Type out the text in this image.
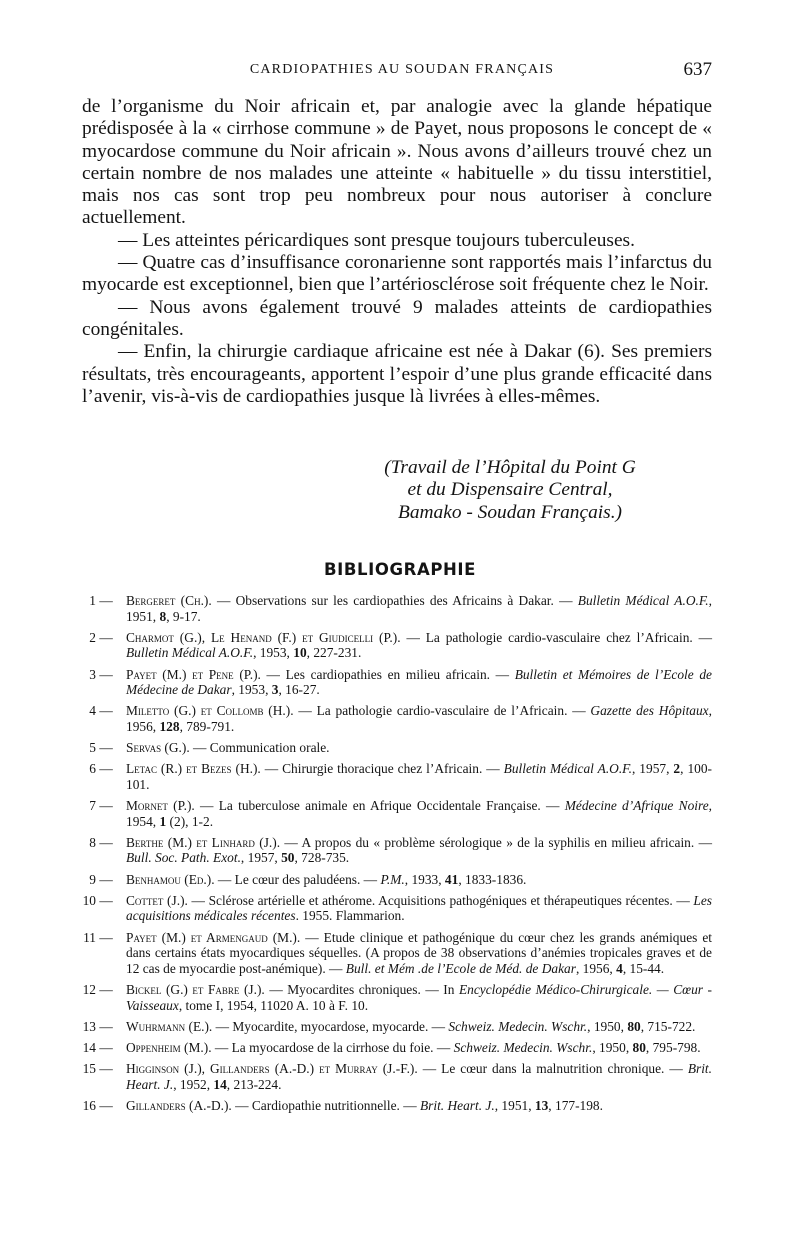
CARDIOPATHIES AU SOUDAN FRANÇAIS	637

de l’organisme du Noir africain et, par analogie avec la glande hépatique prédisposée à la « cirrhose commune » de Payet, nous proposons le concept de « myocardose commune du Noir africain ». Nous avons d’ailleurs trouvé chez un certain nombre de nos malades une atteinte « habituelle » du tissu interstitiel, mais nos cas sont trop peu nombreux pour nous autoriser à conclure actuellement.

— Les atteintes péricardiques sont presque toujours tuberculeuses.

— Quatre cas d’insuffisance coronarienne sont rapportés mais l’infarctus du myocarde est exceptionnel, bien que l’artériosclérose soit fréquente chez le Noir.

— Nous avons également trouvé 9 malades atteints de cardiopathies congénitales.

— Enfin, la chirurgie cardiaque africaine est née à Dakar (6). Ses premiers résultats, très encourageants, apportent l’espoir d’une plus grande efficacité dans l’avenir, vis-à-vis de cardiopathies jusque là livrées à elles-mêmes.

(Travail de l’Hôpital du Point G
et du Dispensaire Central,
Bamako - Soudan Français.)
BIBLIOGRAPHIE
1 — Bergeret (Ch.). — Observations sur les cardiopathies des Africains à Dakar. — Bulletin Médical A.O.F., 1951, 8, 9-17.
2 — Charmot (G.), Le Henand (F.) et Giudicelli (P.). — La pathologie cardio-vasculaire chez l’Africain. — Bulletin Médical A.O.F., 1953, 10, 227-231.
3 — Payet (M.) et Pene (P.). — Les cardiopathies en milieu africain. — Bulletin et Mémoires de l’Ecole de Médecine de Dakar, 1953, 3, 16-27.
4 — Miletto (G.) et Collomb (H.). — La pathologie cardio-vasculaire de l’Africain. — Gazette des Hôpitaux, 1956, 128, 789-791.
5 — Servas (G.). — Communication orale.
6 — Letac (R.) et Bezes (H.). — Chirurgie thoracique chez l’Africain. — Bulletin Médical A.O.F., 1957, 2, 100-101.
7 — Mornet (P.). — La tuberculose animale en Afrique Occidentale Française. — Médecine d’Afrique Noire, 1954, 1 (2), 1-2.
8 — Berthe (M.) et Linhard (J.). — A propos du « problème sérologique » de la syphilis en milieu africain. — Bull. Soc. Path. Exot., 1957, 50, 728-735.
9 — Benhamou (Ed.). — Le cœur des paludéens. — P.M., 1933, 41, 1833-1836.
10 — Cottet (J.). — Sclérose artérielle et athérome. Acquisitions pathogéniques et thérapeutiques récentes. — Les acquisitions médicales récentes. 1955. Flammarion.
11 — Payet (M.) et Armengaud (M.). — Etude clinique et pathogénique du cœur chez les grands anémiques et dans certains états myocardiques séquelles. (A propos de 38 observations d’anémies tropicales graves et de 12 cas de myocardie post-anémique). — Bull. et Mém .de l’Ecole de Méd. de Dakar, 1956, 4, 15-44.
12 — Bickel (G.) et Fabre (J.). — Myocardites chroniques. — In Encyclopédie Médico-Chirurgicale. — Cœur - Vaisseaux, tome I, 1954, 11020 A. 10 à F. 10.
13 — Wuhrmann (E.). — Myocardite, myocardose, myocarde. — Schweiz. Medecin. Wschr., 1950, 80, 715-722.
14 — Oppenheim (M.). — La myocardose de la cirrhose du foie. — Schweiz. Medecin. Wschr., 1950, 80, 795-798.
15 — Higginson (J.), Gillanders (A.-D.) et Murray (J.-F.). — Le cœur dans la malnutrition chronique. — Brit. Heart. J., 1952, 14, 213-224.
16 — Gillanders (A.-D.). — Cardiopathie nutritionnelle. — Brit. Heart. J., 1951, 13, 177-198.
